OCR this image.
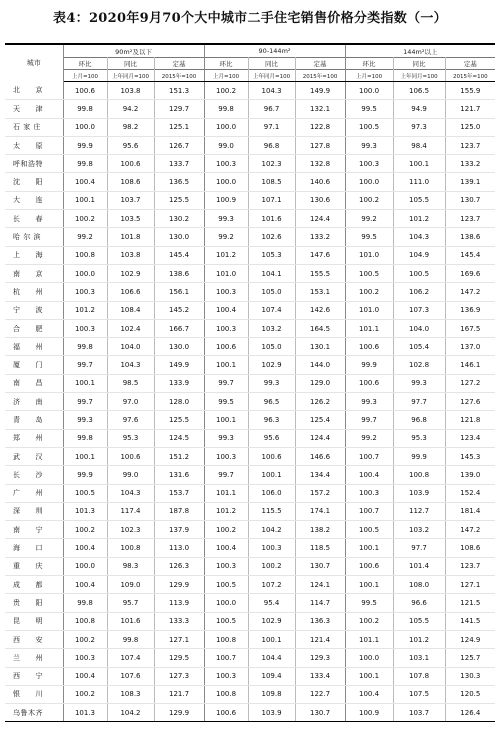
表4：2020年9月70个大中城市二手住宅销售价格分类指数（一）
城市	90m²及以下			90-144m²			144m²以上		
	环比	同比	定基	环比	同比	定基	环比	同比	定基
	上月=100	上年同月=100	2015年=100	上月=100	上年同月=100	2015年=100	上月=100	上年同月=100	2015年=100
北　　京	100.6	103.8	151.3	100.2	104.3	149.9	100.0	106.5	155.9
天　　津	99.8	94.2	129.7	99.8	96.7	132.1	99.5	94.9	121.7
石 家 庄	100.0	98.2	125.1	100.0	97.1	122.8	100.5	97.3	125.0
太　　原	99.9	95.6	126.7	99.0	96.8	127.8	99.3	98.4	123.7
呼和浩特	99.8	100.6	133.7	100.3	102.3	132.8	100.3	100.1	133.2
沈　　阳	100.4	108.6	136.5	100.0	108.5	140.6	100.0	111.0	139.1
大　　连	100.1	103.7	125.5	100.9	107.1	130.6	100.2	105.5	130.7
长　　春	100.2	103.5	130.2	99.3	101.6	124.4	99.2	101.2	123.7
哈 尔 滨	99.2	101.8	130.0	99.2	102.6	133.2	99.5	104.3	138.6
上　　海	100.8	103.8	145.4	101.2	105.3	147.6	101.0	104.9	145.4
南　　京	100.0	102.9	138.6	101.0	104.1	155.5	100.5	100.5	169.6
杭　　州	100.3	106.6	156.1	100.3	105.0	153.1	100.2	106.2	147.2
宁　　波	101.2	108.4	145.2	100.4	107.4	142.6	101.0	107.3	136.9
合　　肥	100.3	102.4	166.7	100.3	103.2	164.5	101.1	104.0	167.5
福　　州	99.8	104.0	130.0	100.6	105.0	130.1	100.6	105.4	137.0
厦　　门	99.7	104.3	149.9	100.1	102.9	144.0	99.9	102.8	146.1
南　　昌	100.1	98.5	133.9	99.7	99.3	129.0	100.6	99.3	127.2
济　　南	99.7	97.0	128.0	99.5	96.5	126.2	99.3	97.7	127.6
青　　岛	99.3	97.6	125.5	100.1	96.3	125.4	99.7	96.8	121.8
郑　　州	99.8	95.3	124.5	99.3	95.6	124.4	99.2	95.3	123.4
武　　汉	100.1	100.6	151.2	100.3	100.6	146.6	100.7	99.9	145.3
长　　沙	99.9	99.0	131.6	99.7	100.1	134.4	100.4	100.8	139.0
广　　州	100.5	104.3	153.7	101.1	106.0	157.2	100.3	103.9	152.4
深　　圳	101.3	117.4	187.8	101.2	115.5	174.1	100.7	112.7	181.4
南　　宁	100.2	102.3	137.9	100.2	104.2	138.2	100.5	103.2	147.2
海　　口	100.4	100.8	113.0	100.4	100.3	118.5	100.1	97.7	108.6
重　　庆	100.0	98.3	126.3	100.3	100.2	130.7	100.6	101.4	123.7
成　　都	100.4	109.0	129.9	100.5	107.2	124.1	100.1	108.0	127.1
贵　　阳	99.8	95.7	113.9	100.0	95.4	114.7	99.5	96.6	121.5
昆　　明	100.8	101.6	133.3	100.5	102.9	136.3	100.2	105.5	141.5
西　　安	100.2	99.8	127.1	100.8	100.1	121.4	101.1	101.2	124.9
兰　　州	100.3	107.4	129.5	100.7	104.4	129.3	100.0	103.1	125.7
西　　宁	100.4	107.6	127.3	100.3	109.4	133.4	100.1	107.8	130.3
银　　川	100.2	108.3	121.7	100.8	109.8	122.7	100.4	107.5	120.5
乌鲁木齐	101.3	104.2	129.9	100.6	103.9	130.7	100.9	103.7	126.4
